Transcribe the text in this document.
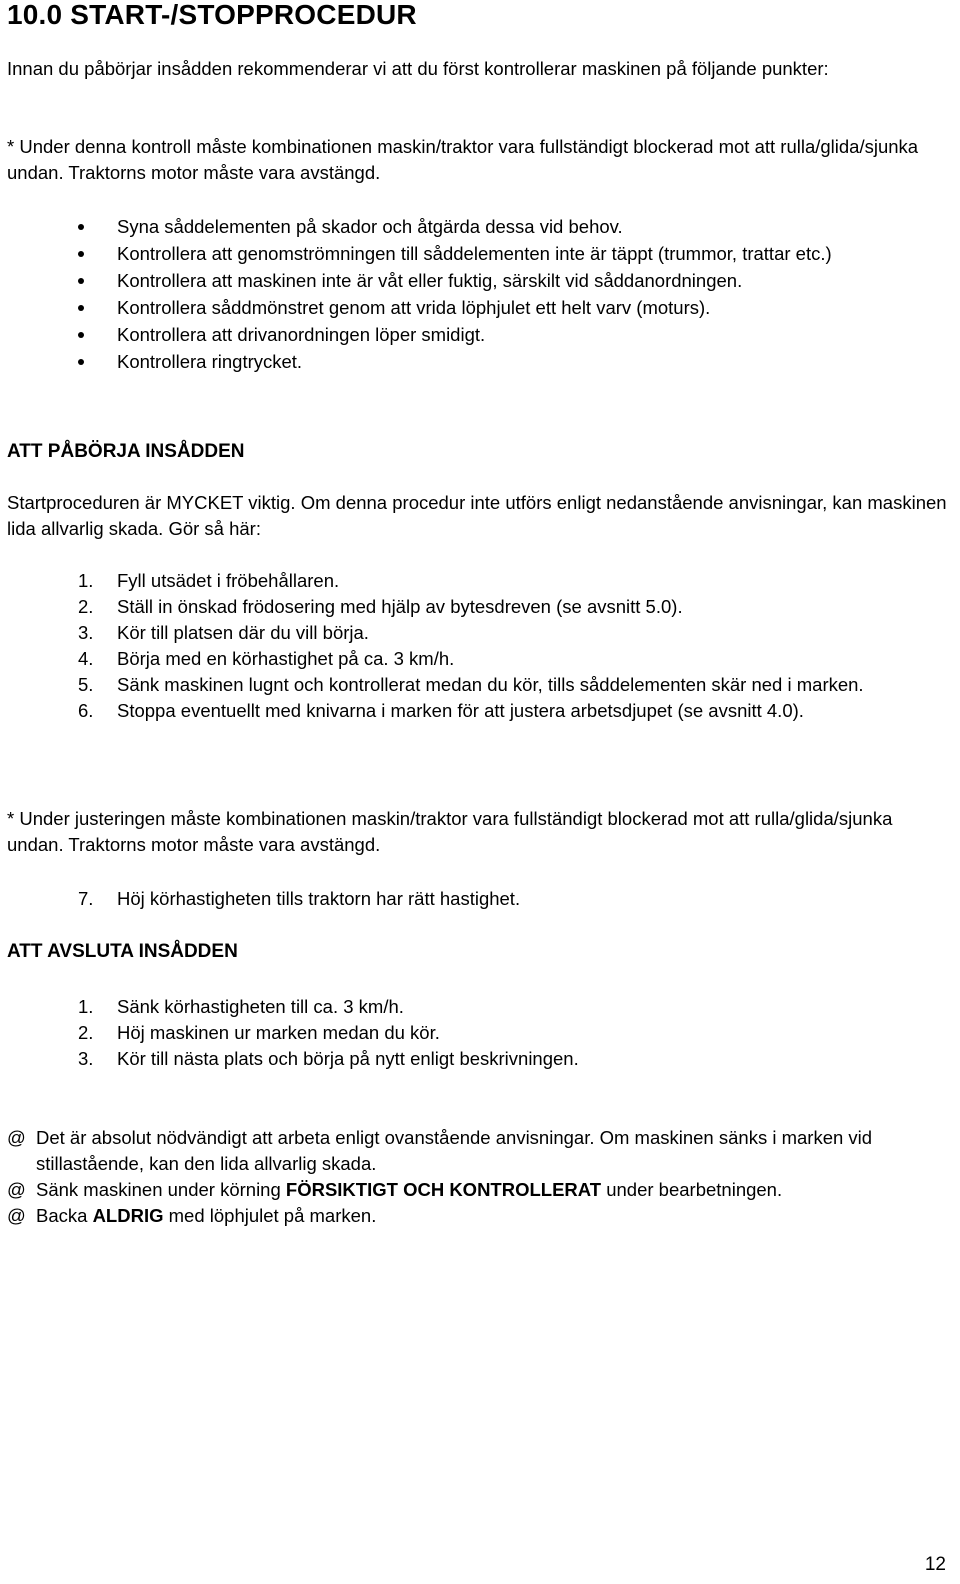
10.0 START-/STOPPROCEDUR

Innan du påbörjar insådden rekommenderar vi att du först kontrollerar maskinen på följande punkter:

* Under denna kontroll måste kombinationen maskin/traktor vara fullständigt blockerad mot att rulla/glida/sjunka undan. Traktorns motor måste vara avstängd.

Syna såddelementen på skador och åtgärda dessa vid behov.
Kontrollera att genomströmningen till såddelementen inte är täppt (trummor, trattar etc.)
Kontrollera att maskinen inte är våt eller fuktig, särskilt vid såddanordningen.
Kontrollera såddmönstret genom att vrida löphjulet ett helt varv (moturs).
Kontrollera att drivanordningen löper smidigt.
Kontrollera ringtrycket.
ATT PÅBÖRJA INSÅDDEN

Startproceduren är MYCKET viktig. Om denna procedur inte utförs enligt nedanstående anvisningar, kan maskinen lida allvarlig skada. Gör så här:

1. Fyll utsädet i fröbehållaren.
2. Ställ in önskad frödosering med hjälp av bytesdreven (se avsnitt 5.0).
3. Kör till platsen där du vill börja.
4. Börja med en körhastighet på ca. 3 km/h.
5. Sänk maskinen lugnt och kontrollerat medan du kör, tills såddelementen skär ned i marken.
6. Stoppa eventuellt med knivarna i marken för att justera arbetsdjupet (se avsnitt 4.0).

* Under justeringen måste kombinationen maskin/traktor vara fullständigt blockerad mot att rulla/glida/sjunka undan. Traktorns motor måste vara avstängd.

7. Höj körhastigheten tills traktorn har rätt hastighet.
ATT AVSLUTA INSÅDDEN
1. Sänk körhastigheten till ca. 3 km/h.
2. Höj maskinen ur marken medan du kör.
3. Kör till nästa plats och börja på nytt enligt beskrivningen.
@ Det är absolut nödvändigt att arbeta enligt ovanstående anvisningar. Om maskinen sänks i marken vid stillastående, kan den lida allvarlig skada.
@ Sänk maskinen under körning FÖRSIKTIGT OCH KONTROLLERAT under bearbetningen.
@ Backa ALDRIG med löphjulet på marken.
12
